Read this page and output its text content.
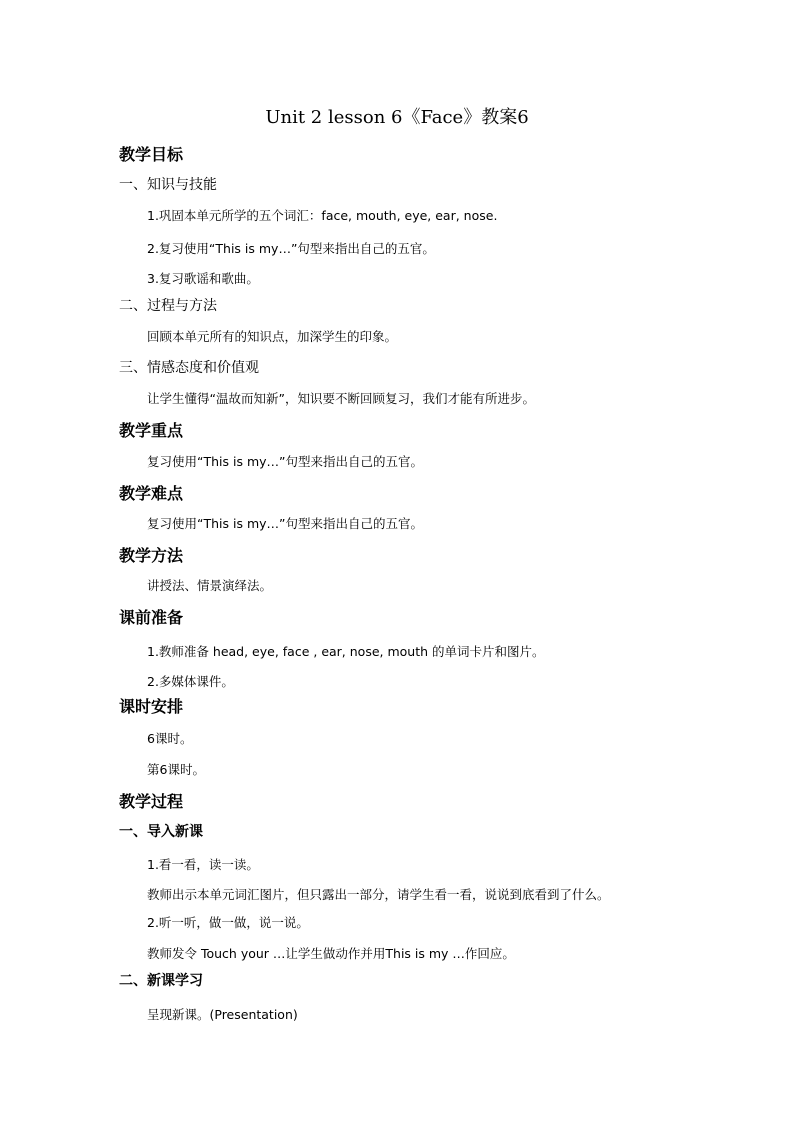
Unit 2 lesson 6《Face》教案6
教学目标
一、知识与技能
1.巩固本单元所学的五个词汇：face, mouth, eye, ear, nose.
2.复习使用“This is my…”句型来指出自己的五官。
3.复习歌谣和歌曲。
二、过程与方法
回顾本单元所有的知识点，加深学生的印象。
三、情感态度和价值观
让学生懂得“温故而知新”，知识要不断回顾复习，我们才能有所进步。
教学重点
复习使用“This is my…”句型来指出自己的五官。
教学难点
复习使用“This is my…”句型来指出自己的五官。
教学方法
讲授法、情景演绎法。
课前准备
1.教师准备 head, eye, face , ear, nose, mouth 的单词卡片和图片。
2.多媒体课件。
课时安排
6课时。
第6课时。
教学过程
一、导入新课
1.看一看，读一读。
教师出示本单元词汇图片，但只露出一部分，请学生看一看，说说到底看到了什么。
2.听一听，做一做，说一说。
教师发令 Touch your …让学生做动作并用This is my …作回应。
二、新课学习
呈现新课。(Presentation)
